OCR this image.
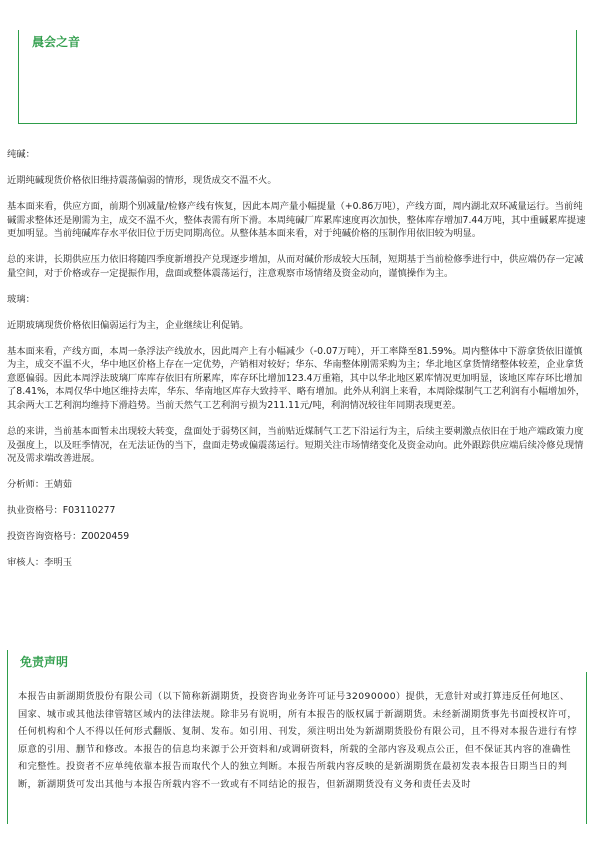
晨会之音

纯碱：

近期纯碱现货价格依旧维持震荡偏弱的情形，现货成交不温不火。

基本面来看，供应方面，前期个别减量/检修产线有恢复，因此本周产量小幅提量（+0.86万吨），产线方面，周内湖北双环减量运行。当前纯碱需求整体还是刚需为主，成交不温不火，整体表需有所下滑。本周纯碱厂库累库速度再次加快，整体库存增加7.44万吨，其中重碱累库提速更加明显。当前纯碱库存水平依旧位于历史同期高位。从整体基本面来看，对于纯碱价格的压制作用依旧较为明显。

总的来讲，长期供应压力依旧将随四季度新增投产兑现逐步增加，从而对碱价形成较大压制，短期基于当前检修季进行中，供应端仍存一定减量空间，对于价格或存一定提振作用，盘面或整体震荡运行，注意观察市场情绪及资金动向，谨慎操作为主。

玻璃：

近期玻璃现货价格依旧偏弱运行为主，企业继续让利促销。

基本面来看，产线方面，本周一条浮法产线放水，因此周产上有小幅减少（-0.07万吨），开工率降至81.59%。周内整体中下游拿货依旧谨慎为主，成交不温不火，华中地区价格上存在一定优势，产销相对较好；华东、华南整体刚需采购为主；华北地区拿货情绪整体较差，企业拿货意愿偏弱。因此本周浮法玻璃厂库库存依旧有所累库，库存环比增加123.4万重箱，其中以华北地区累库情况更加明显，该地区库存环比增加了8.41%，本周仅华中地区维持去库，华东、华南地区库存大致持平、略有增加。此外从利润上来看，本周除煤制气工艺利润有小幅增加外，其余两大工艺利润均维持下滑趋势。当前天然气工艺利润亏损为211.11元/吨，利润情况较往年同期表现更差。

总的来讲，当前基本面暂未出现较大转变，盘面处于弱势区间，当前贴近煤制气工艺下沿运行为主，后续主要刺激点依旧在于地产端政策力度及强度上，以及旺季情况，在无法证伪的当下，盘面走势或偏震荡运行。短期关注市场情绪变化及资金动向。此外跟踪供应端后续冷修兑现情况及需求端改善进展。

分析师：王婧茹

执业资格号：F03110277

投资咨询资格号：Z0020459

审核人：李明玉

免责声明
本报告由新湖期货股份有限公司（以下简称新湖期货，投资咨询业务许可证号32090000）提供，无意针对或打算违反任何地区、国家、城市或其他法律管辖区域内的法律法规。除非另有说明，所有本报告的版权属于新湖期货。未经新湖期货事先书面授权许可，任何机构和个人不得以任何形式翻版、复制、发布。如引用、刊发，须注明出处为新湖期货股份有限公司，且不得对本报告进行有悖原意的引用、删节和修改。本报告的信息均来源于公开资料和/或调研资料，所载的全部内容及观点公正，但不保证其内容的准确性和完整性。投资者不应单纯依靠本报告而取代个人的独立判断。本报告所载内容反映的是新湖期货在最初发表本报告日期当日的判断，新湖期货可发出其他与本报告所载内容不一致或有不同结论的报告，但新湖期货没有义务和责任去及时
